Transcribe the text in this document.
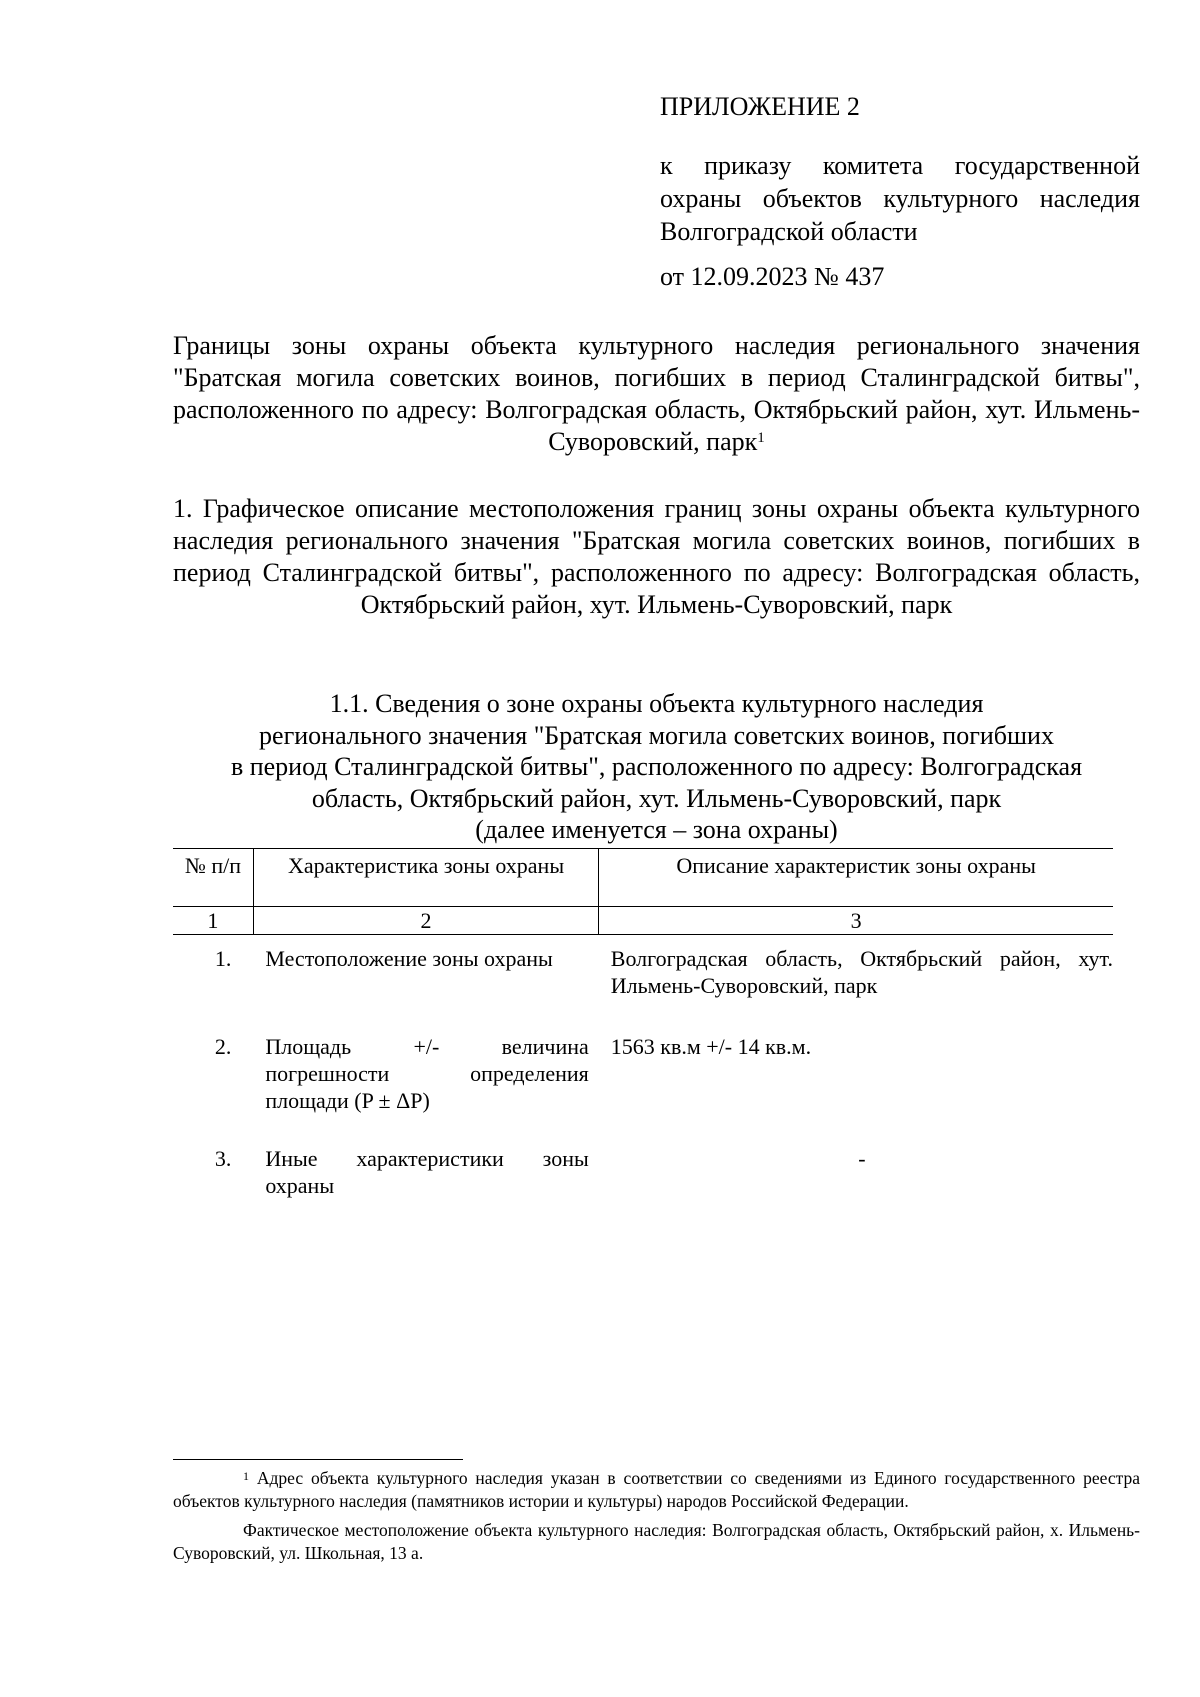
ПРИЛОЖЕНИЕ 2
к приказу комитета государственной охраны объектов культурного наследия Волгоградской области
от 12.09.2023 № 437
Границы зоны охраны объекта культурного наследия регионального значения "Братская могила советских воинов, погибших в период Сталинградской битвы", расположенного по адресу: Волгоградская область, Октябрьский район, хут. Ильмень-Суворовский, парк$^1$
1. Графическое описание местоположения границ зоны охраны объекта культурного наследия регионального значения "Братская могила советских воинов, погибших в период Сталинградской битвы", расположенного по адресу: Волгоградская область, Октябрьский район, хут. Ильмень-Суворовский, парк
1.1. Сведения о зоне охраны объекта культурного наследия
регионального значения "Братская могила советских воинов, погибших
в период Сталинградской битвы", расположенного по адресу: Волгоградская
область, Октябрьский район, хут. Ильмень-Суворовский, парк
(далее именуется – зона охраны)
№ п/п	Характеристика зоны охраны	Описание характеристик зоны охраны
1	2	3

1.	Местоположение зоны охраны	Волгоградская область, Октябрьский район, хут. Ильмень-Суворовский, парк

2.	Площадь +/- величина погрешности определения площади (P ± ΔP)	1563 кв.м +/- 14 кв.м.

3.	Иные характеристики зоны охраны	-

$^1$ Адрес объекта культурного наследия указан в соответствии со сведениями из Единого государственного реестра объектов культурного наследия (памятников истории и культуры) народов Российской Федерации.

Фактическое местоположение объекта культурного наследия: Волгоградская область, Октябрьский район, х. Ильмень-Суворовский, ул. Школьная, 13 а.
